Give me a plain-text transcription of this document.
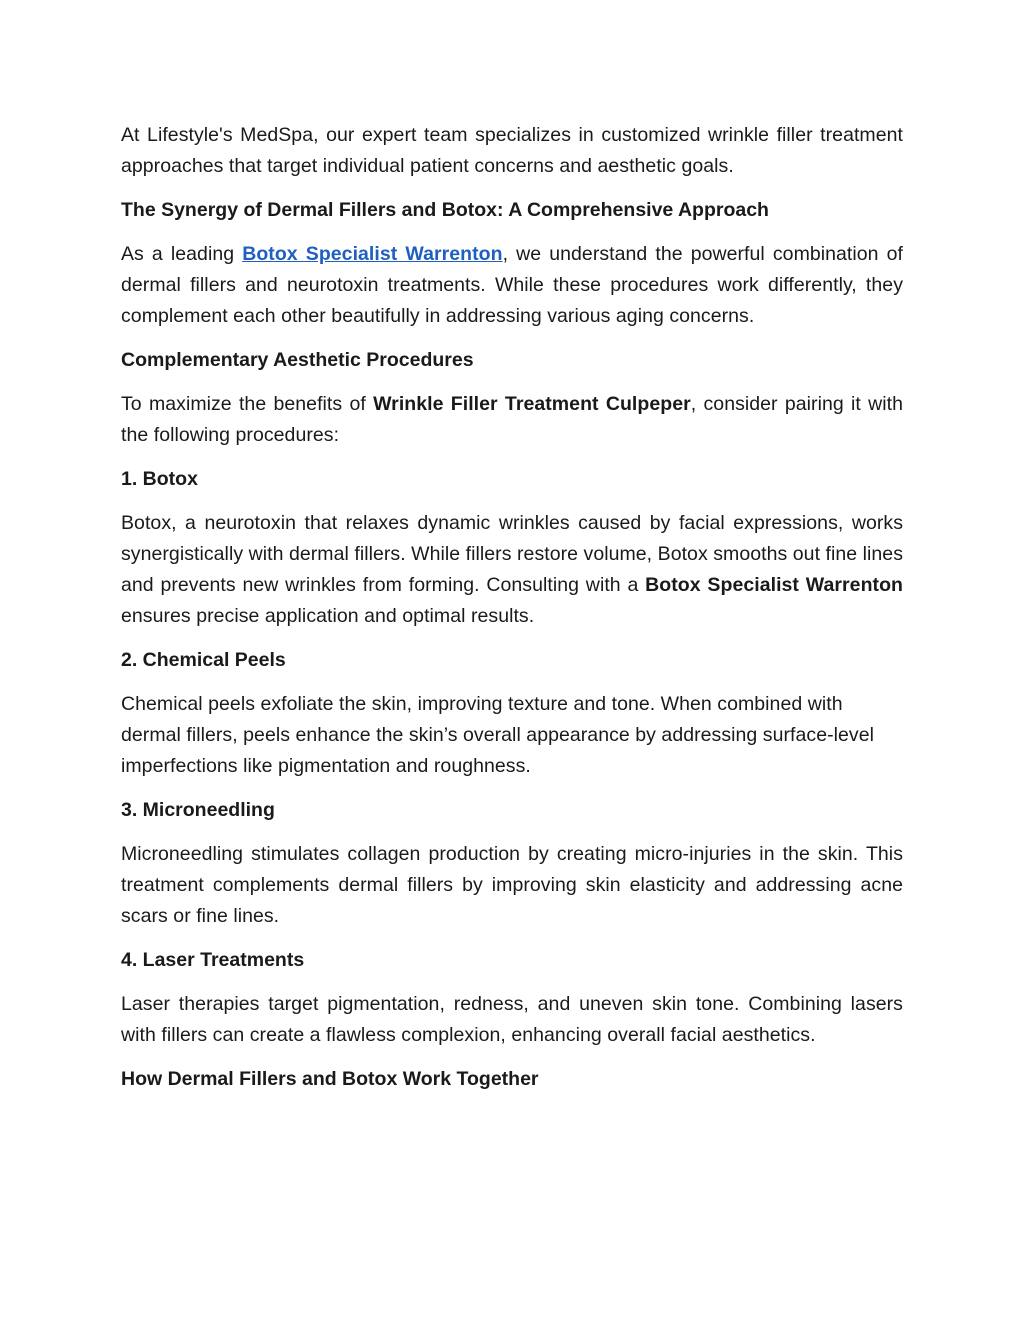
At Lifestyle's MedSpa, our expert team specializes in customized wrinkle filler treatment approaches that target individual patient concerns and aesthetic goals.

The Synergy of Dermal Fillers and Botox: A Comprehensive Approach

As a leading Botox Specialist Warrenton, we understand the powerful combination of dermal fillers and neurotoxin treatments. While these procedures work differently, they complement each other beautifully in addressing various aging concerns.

Complementary Aesthetic Procedures

To maximize the benefits of Wrinkle Filler Treatment Culpeper, consider pairing it with the following procedures:

1. Botox

Botox, a neurotoxin that relaxes dynamic wrinkles caused by facial expressions, works synergistically with dermal fillers. While fillers restore volume, Botox smooths out fine lines and prevents new wrinkles from forming. Consulting with a Botox Specialist Warrenton ensures precise application and optimal results.

2. Chemical Peels

Chemical peels exfoliate the skin, improving texture and tone. When combined with dermal fillers, peels enhance the skin’s overall appearance by addressing surface-level imperfections like pigmentation and roughness.

3. Microneedling

Microneedling stimulates collagen production by creating micro-injuries in the skin. This treatment complements dermal fillers by improving skin elasticity and addressing acne scars or fine lines.

4. Laser Treatments

Laser therapies target pigmentation, redness, and uneven skin tone. Combining lasers with fillers can create a flawless complexion, enhancing overall facial aesthetics.

How Dermal Fillers and Botox Work Together
